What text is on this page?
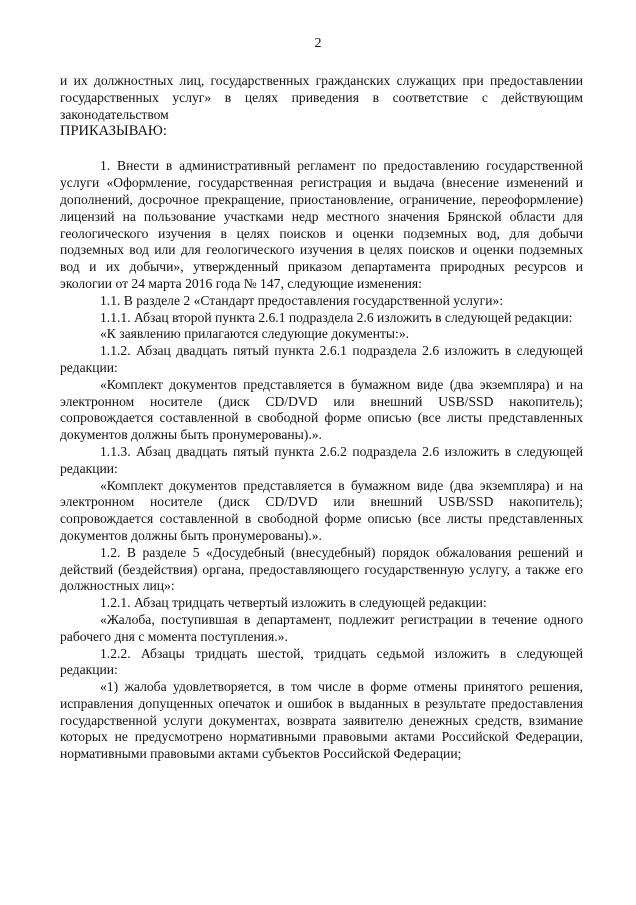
2

и их должностных лиц, государственных гражданских служащих при предоставлении государственных услуг» в целях приведения в соответствие с действующим законодательством

ПРИКАЗЫВАЮ:

1. Внести в административный регламент по предоставлению государственной услуги «Оформление, государственная регистрация и выдача (внесение изменений и дополнений, досрочное прекращение, приостановление, ограничение, переоформление) лицензий на пользование участками недр местного значения Брянской области для геологического изучения в целях поисков и оценки подземных вод, для добычи подземных вод или для геологического изучения в целях поисков и оценки подземных вод и их добычи», утвержденный приказом департамента природных ресурсов и экологии от 24 марта 2016 года № 147, следующие изменения:

1.1. В разделе 2 «Стандарт предоставления государственной услуги»:

1.1.1. Абзац второй пункта 2.6.1 подраздела 2.6 изложить в следующей редакции:

«К заявлению прилагаются следующие документы:».

1.1.2. Абзац двадцать пятый пункта 2.6.1 подраздела 2.6 изложить в следующей редакции:

«Комплект документов представляется в бумажном виде (два экземпляра) и на электронном носителе (диск CD/DVD или внешний USB/SSD накопитель); сопровождается составленной в свободной форме описью (все листы представленных документов должны быть пронумерованы).».

1.1.3. Абзац двадцать пятый пункта 2.6.2 подраздела 2.6 изложить в следующей редакции:

«Комплект документов представляется в бумажном виде (два экземпляра) и на электронном носителе (диск CD/DVD или внешний USB/SSD накопитель); сопровождается составленной в свободной форме описью (все листы представленных документов должны быть пронумерованы).».

1.2. В разделе 5 «Досудебный (внесудебный) порядок обжалования решений и действий (бездействия) органа, предоставляющего государственную услугу, а также его должностных лиц»:

1.2.1. Абзац тридцать четвертый изложить в следующей редакции:

«Жалоба, поступившая в департамент, подлежит регистрации в течение одного рабочего дня с момента поступления.».

1.2.2. Абзацы тридцать шестой, тридцать седьмой изложить в следующей редакции:

«1) жалоба удовлетворяется, в том числе в форме отмены принятого решения, исправления допущенных опечаток и ошибок в выданных в результате предоставления государственной услуги документах, возврата заявителю денежных средств, взимание которых не предусмотрено нормативными правовыми актами Российской Федерации, нормативными правовыми актами субъектов Российской Федерации;
